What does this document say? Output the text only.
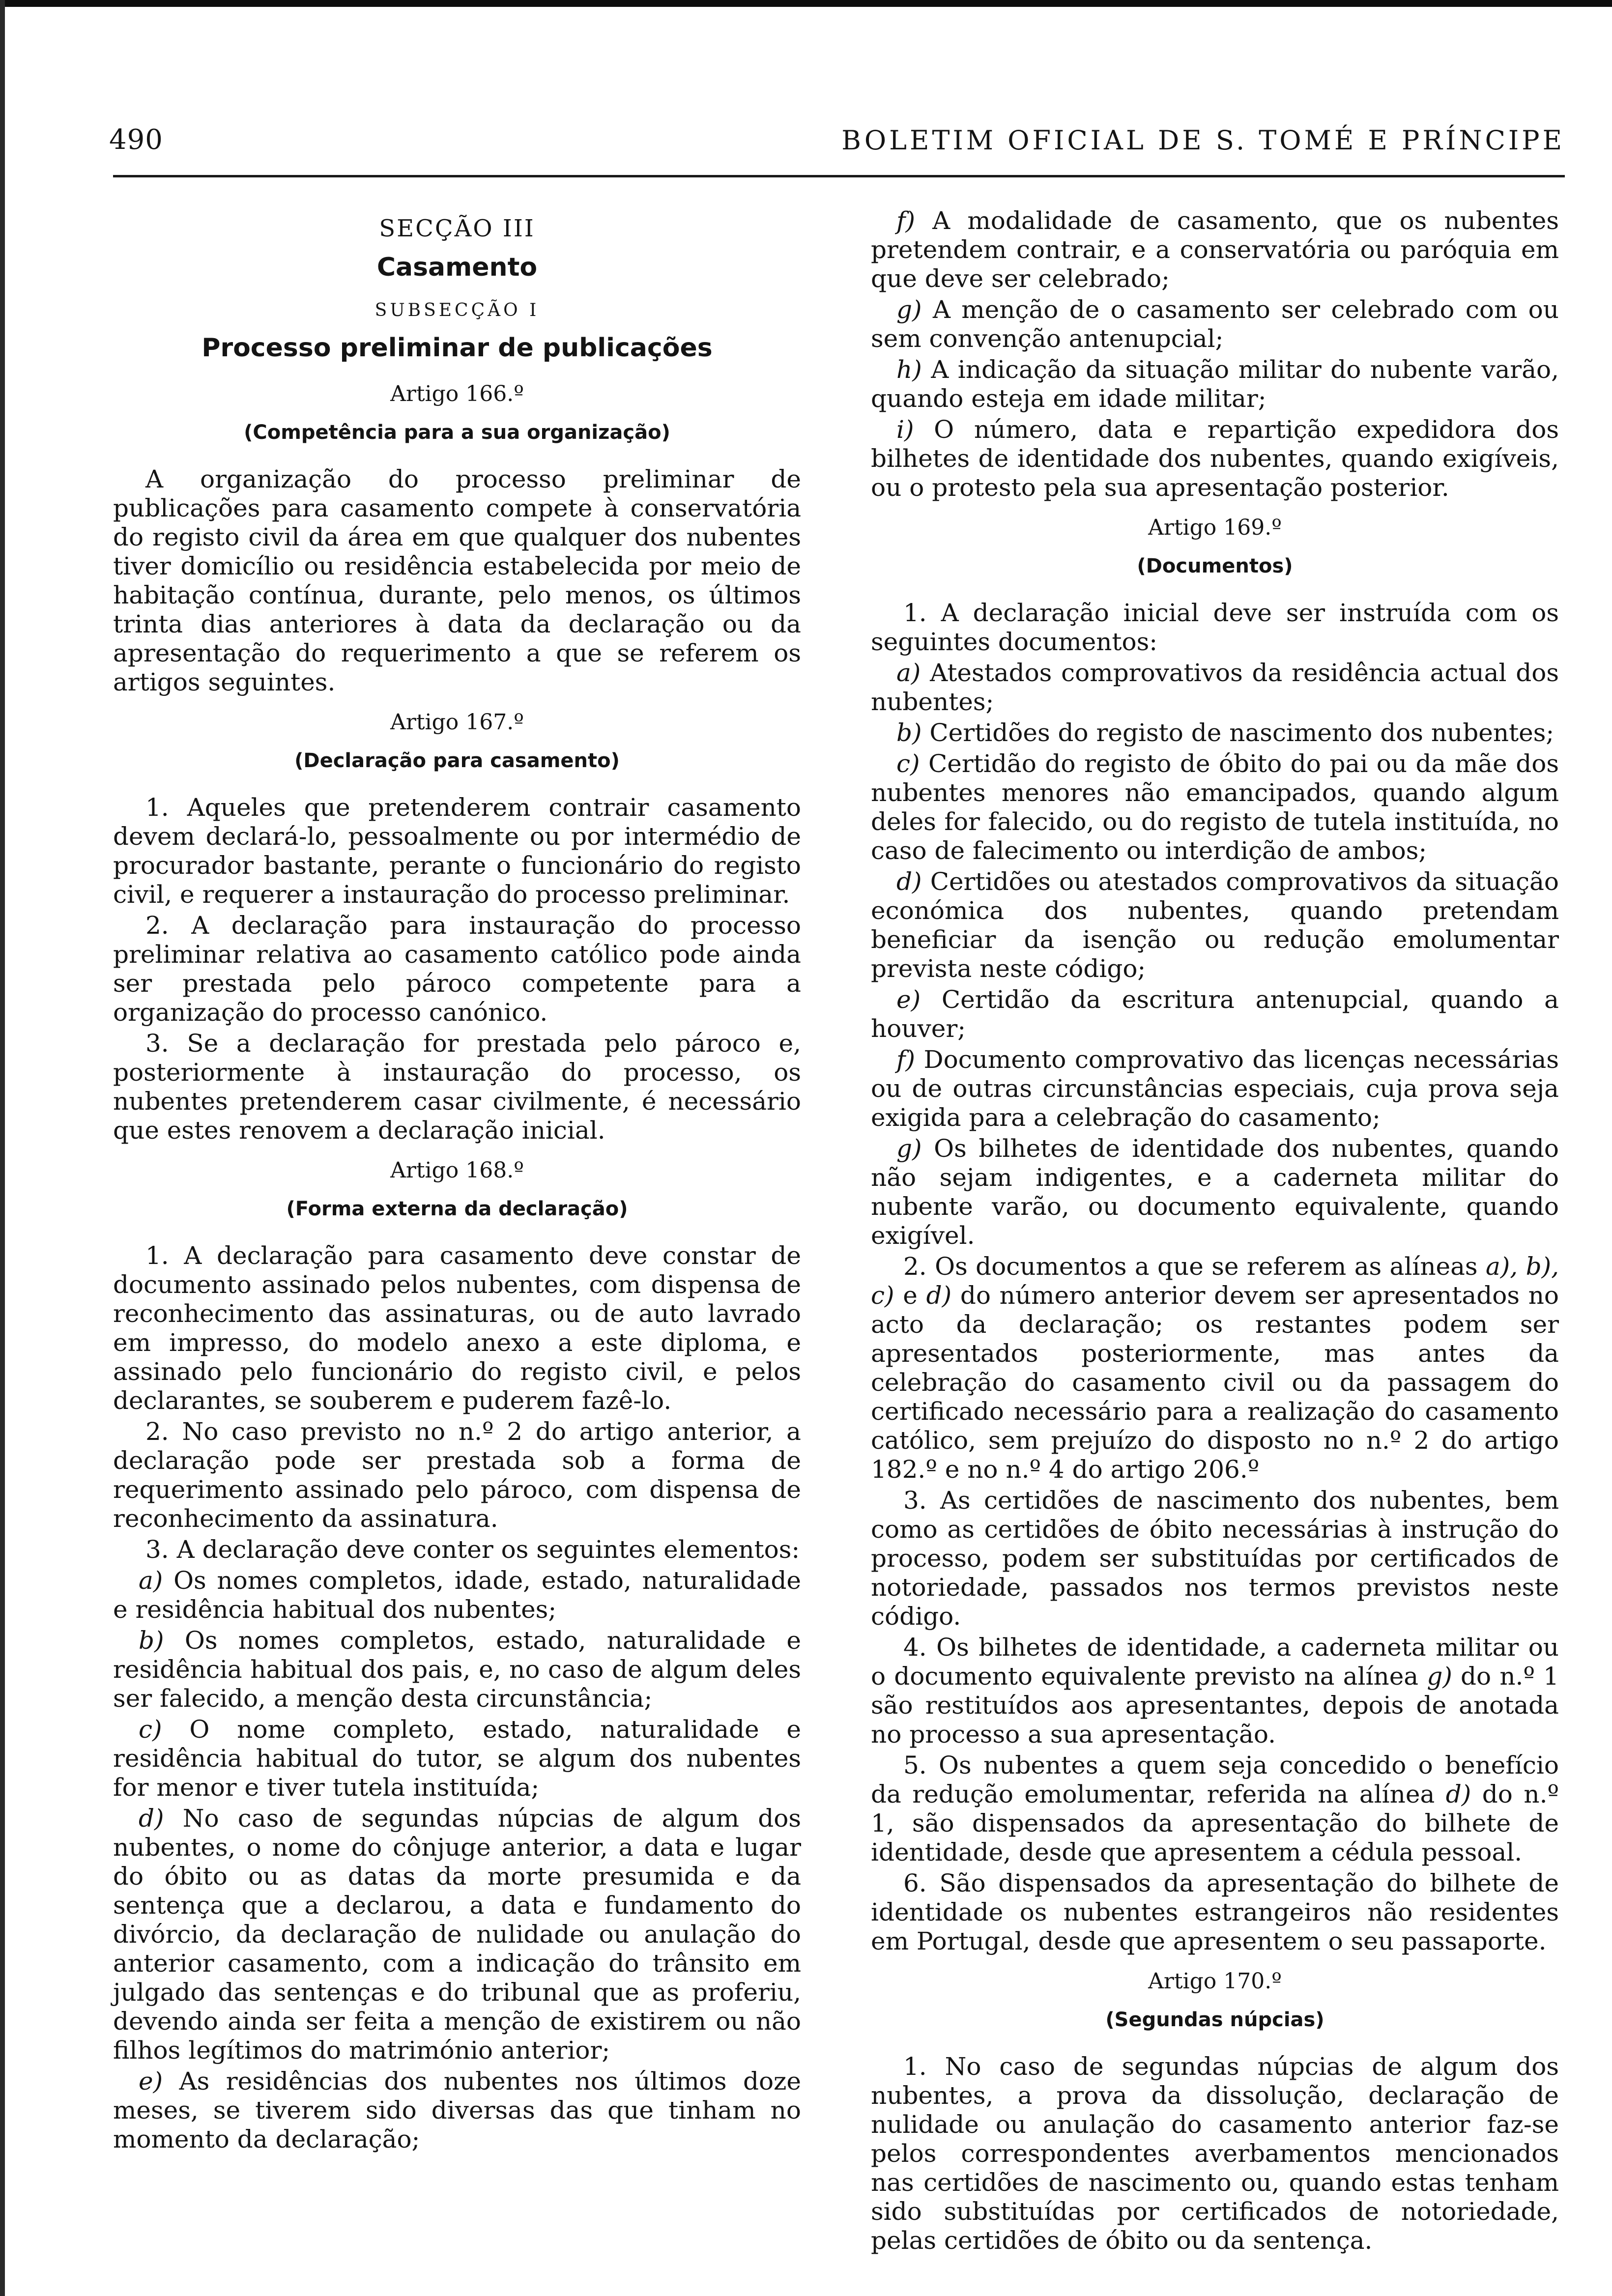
490	BOLETIM OFICIAL DE S. TOMÉ E PRÍNCIPE
SECÇÃO III
Casamento
SUBSECÇÃO I
Processo preliminar de publicações
Artigo 166.º
(Competência para a sua organização)

A organização do processo preliminar de publicações para casamento compete à conservatória do registo civil da área em que qualquer dos nubentes tiver domicílio ou residência estabelecida por meio de habitação contínua, durante, pelo menos, os últimos trinta dias anteriores à data da declaração ou da apresentação do requerimento a que se referem os artigos seguintes.

Artigo 167.º
(Declaração para casamento)

1. Aqueles que pretenderem contrair casamento devem declará-lo, pessoalmente ou por intermédio de procurador bastante, perante o funcionário do registo civil, e requerer a instauração do processo preliminar.

2. A declaração para instauração do processo preliminar relativa ao casamento católico pode ainda ser prestada pelo pároco competente para a organização do processo canónico.

3. Se a declaração for prestada pelo pároco e, posteriormente à instauração do processo, os nubentes pretenderem casar civilmente, é necessário que estes renovem a declaração inicial.

Artigo 168.º
(Forma externa da declaração)

1. A declaração para casamento deve constar de documento assinado pelos nubentes, com dispensa de reconhecimento das assinaturas, ou de auto lavrado em impresso, do modelo anexo a este diploma, e assinado pelo funcionário do registo civil, e pelos declarantes, se souberem e puderem fazê-lo.

2. No caso previsto no n.º 2 do artigo anterior, a declaração pode ser prestada sob a forma de requerimento assinado pelo pároco, com dispensa de reconhecimento da assinatura.

3. A declaração deve conter os seguintes elementos:

a) Os nomes completos, idade, estado, naturalidade e residência habitual dos nubentes;

b) Os nomes completos, estado, naturalidade e residência habitual dos pais, e, no caso de algum deles ser falecido, a menção desta circunstância;

c) O nome completo, estado, naturalidade e residência habitual do tutor, se algum dos nubentes for menor e tiver tutela instituída;

d) No caso de segundas núpcias de algum dos nubentes, o nome do cônjuge anterior, a data e lugar do óbito ou as datas da morte presumida e da sentença que a declarou, a data e fundamento do divórcio, da declaração de nulidade ou anulação do anterior casamento, com a indicação do trânsito em julgado das sentenças e do tribunal que as proferiu, devendo ainda ser feita a menção de existirem ou não filhos legítimos do matrimónio anterior;

e) As residências dos nubentes nos últimos doze meses, se tiverem sido diversas das que tinham no momento da declaração;

f) A modalidade de casamento, que os nubentes pretendem contrair, e a conservatória ou paróquia em que deve ser celebrado;

g) A menção de o casamento ser celebrado com ou sem convenção antenupcial;

h) A indicação da situação militar do nubente varão, quando esteja em idade militar;

i) O número, data e repartição expedidora dos bilhetes de identidade dos nubentes, quando exigíveis, ou o protesto pela sua apresentação posterior.

Artigo 169.º
(Documentos)

1. A declaração inicial deve ser instruída com os seguintes documentos:

a) Atestados comprovativos da residência actual dos nubentes;

b) Certidões do registo de nascimento dos nubentes;

c) Certidão do registo de óbito do pai ou da mãe dos nubentes menores não emancipados, quando algum deles for falecido, ou do registo de tutela instituída, no caso de falecimento ou interdição de ambos;

d) Certidões ou atestados comprovativos da situação económica dos nubentes, quando pretendam beneficiar da isenção ou redução emolumentar prevista neste código;

e) Certidão da escritura antenupcial, quando a houver;

f) Documento comprovativo das licenças necessárias ou de outras circunstâncias especiais, cuja prova seja exigida para a celebração do casamento;

g) Os bilhetes de identidade dos nubentes, quando não sejam indigentes, e a caderneta militar do nubente varão, ou documento equivalente, quando exigível.

2. Os documentos a que se referem as alíneas a), b), c) e d) do número anterior devem ser apresentados no acto da declaração; os restantes podem ser apresentados posteriormente, mas antes da celebração do casamento civil ou da passagem do certificado necessário para a realização do casamento católico, sem prejuízo do disposto no n.º 2 do artigo 182.º e no n.º 4 do artigo 206.º

3. As certidões de nascimento dos nubentes, bem como as certidões de óbito necessárias à instrução do processo, podem ser substituídas por certificados de notoriedade, passados nos termos previstos neste código.

4. Os bilhetes de identidade, a caderneta militar ou o documento equivalente previsto na alínea g) do n.º 1 são restituídos aos apresentantes, depois de anotada no processo a sua apresentação.

5. Os nubentes a quem seja concedido o benefício da redução emolumentar, referida na alínea d) do n.º 1, são dispensados da apresentação do bilhete de identidade, desde que apresentem a cédula pessoal.

6. São dispensados da apresentação do bilhete de identidade os nubentes estrangeiros não residentes em Portugal, desde que apresentem o seu passaporte.

Artigo 170.º
(Segundas núpcias)

1. No caso de segundas núpcias de algum dos nubentes, a prova da dissolução, declaração de nulidade ou anulação do casamento anterior faz-se pelos correspondentes averbamentos mencionados nas certidões de nascimento ou, quando estas tenham sido substituídas por certificados de notoriedade, pelas certidões de óbito ou da sentença.
